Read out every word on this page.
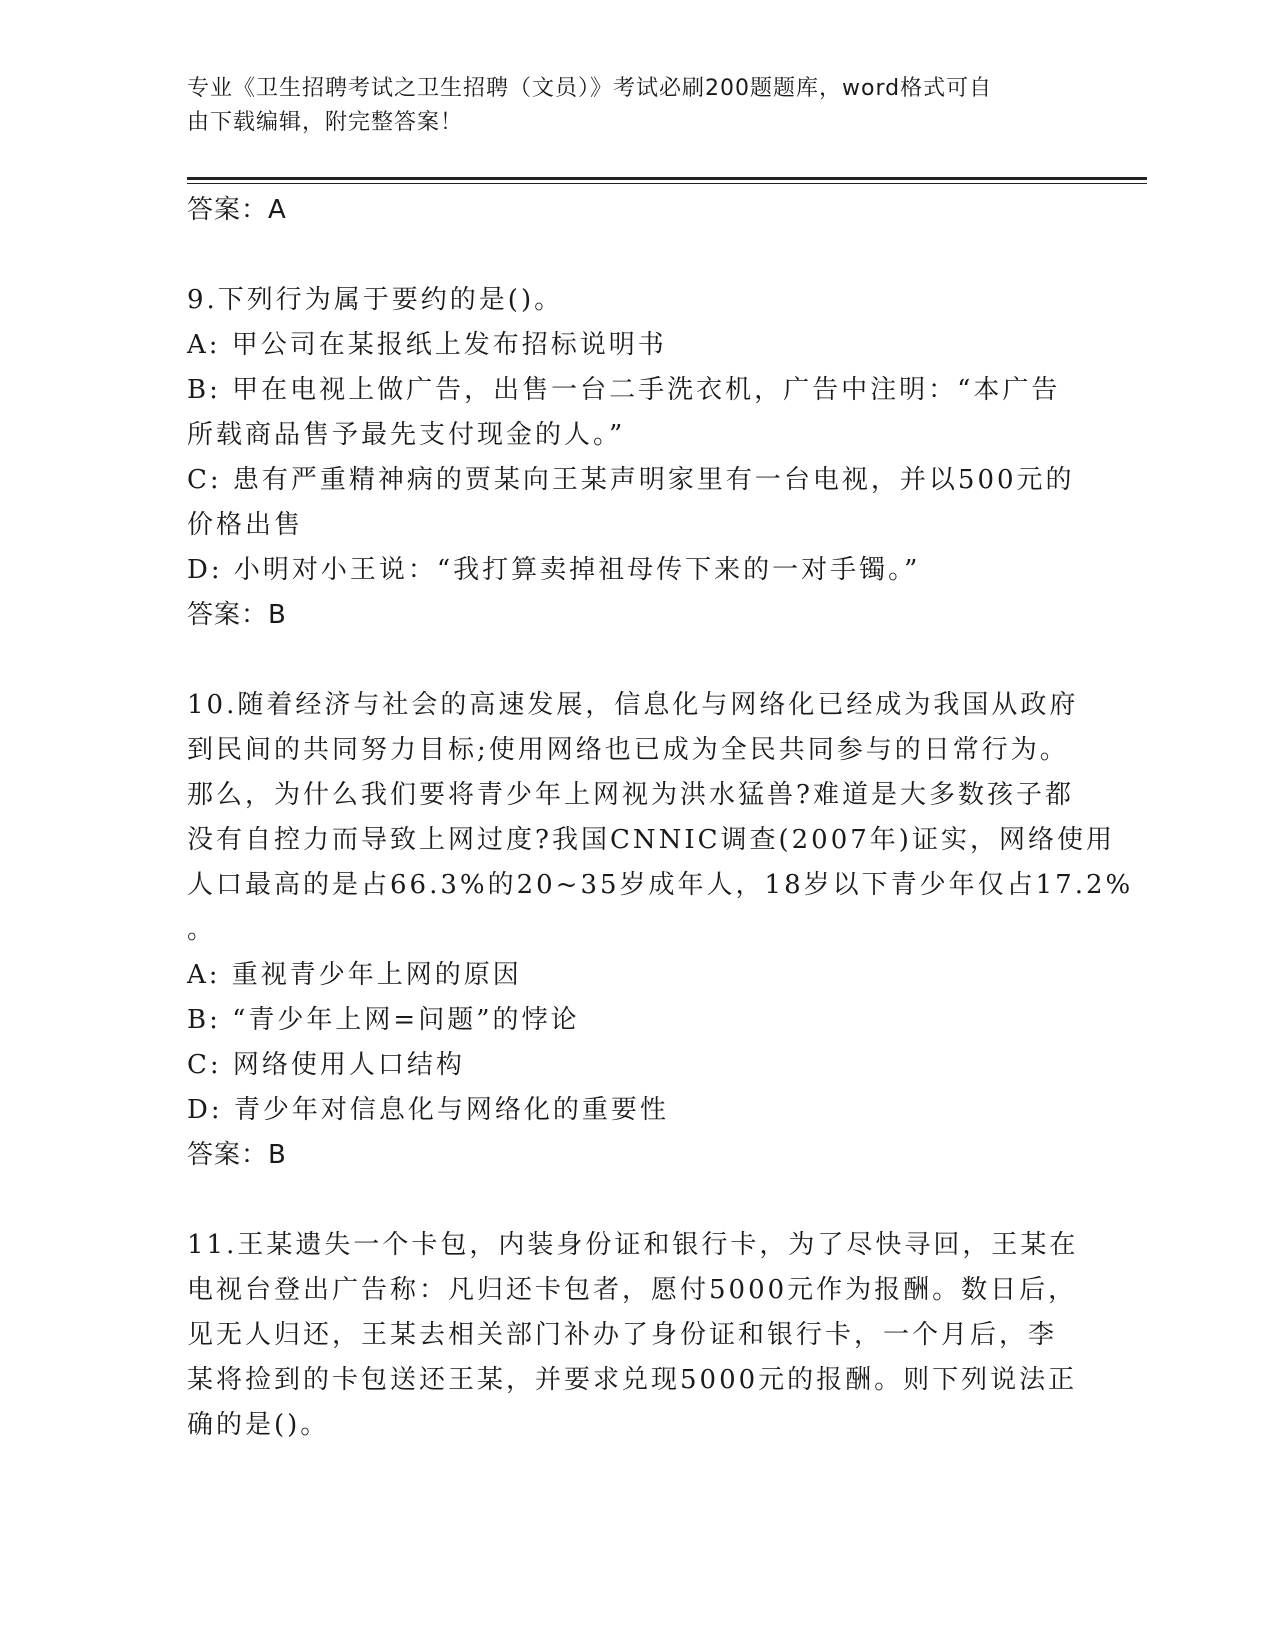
专业《卫生招聘考试之卫生招聘（文员）》考试必刷200题题库，word格式可自
由下载编辑，附完整答案！
答案：A
9.下列行为属于要约的是()。
A: 甲公司在某报纸上发布招标说明书
B: 甲在电视上做广告，出售一台二手洗衣机，广告中注明：“本广告
所载商品售予最先支付现金的人。”
C: 患有严重精神病的贾某向王某声明家里有一台电视，并以500元的
价格出售
D: 小明对小王说：“我打算卖掉祖母传下来的一对手镯。”
答案：B
10.随着经济与社会的高速发展，信息化与网络化已经成为我国从政府
到民间的共同努力目标;使用网络也已成为全民共同参与的日常行为。
那么，为什么我们要将青少年上网视为洪水猛兽?难道是大多数孩子都
没有自控力而导致上网过度?我国CNNIC调查(2007年)证实，网络使用
人口最高的是占66.3%的20~35岁成年人，18岁以下青少年仅占17.2%
。
A: 重视青少年上网的原因
B: “青少年上网=问题”的悖论
C: 网络使用人口结构
D: 青少年对信息化与网络化的重要性
答案：B
11.王某遗失一个卡包，内装身份证和银行卡，为了尽快寻回，王某在
电视台登出广告称：凡归还卡包者，愿付5000元作为报酬。数日后，
见无人归还，王某去相关部门补办了身份证和银行卡，一个月后，李
某将捡到的卡包送还王某，并要求兑现5000元的报酬。则下列说法正
确的是()。
